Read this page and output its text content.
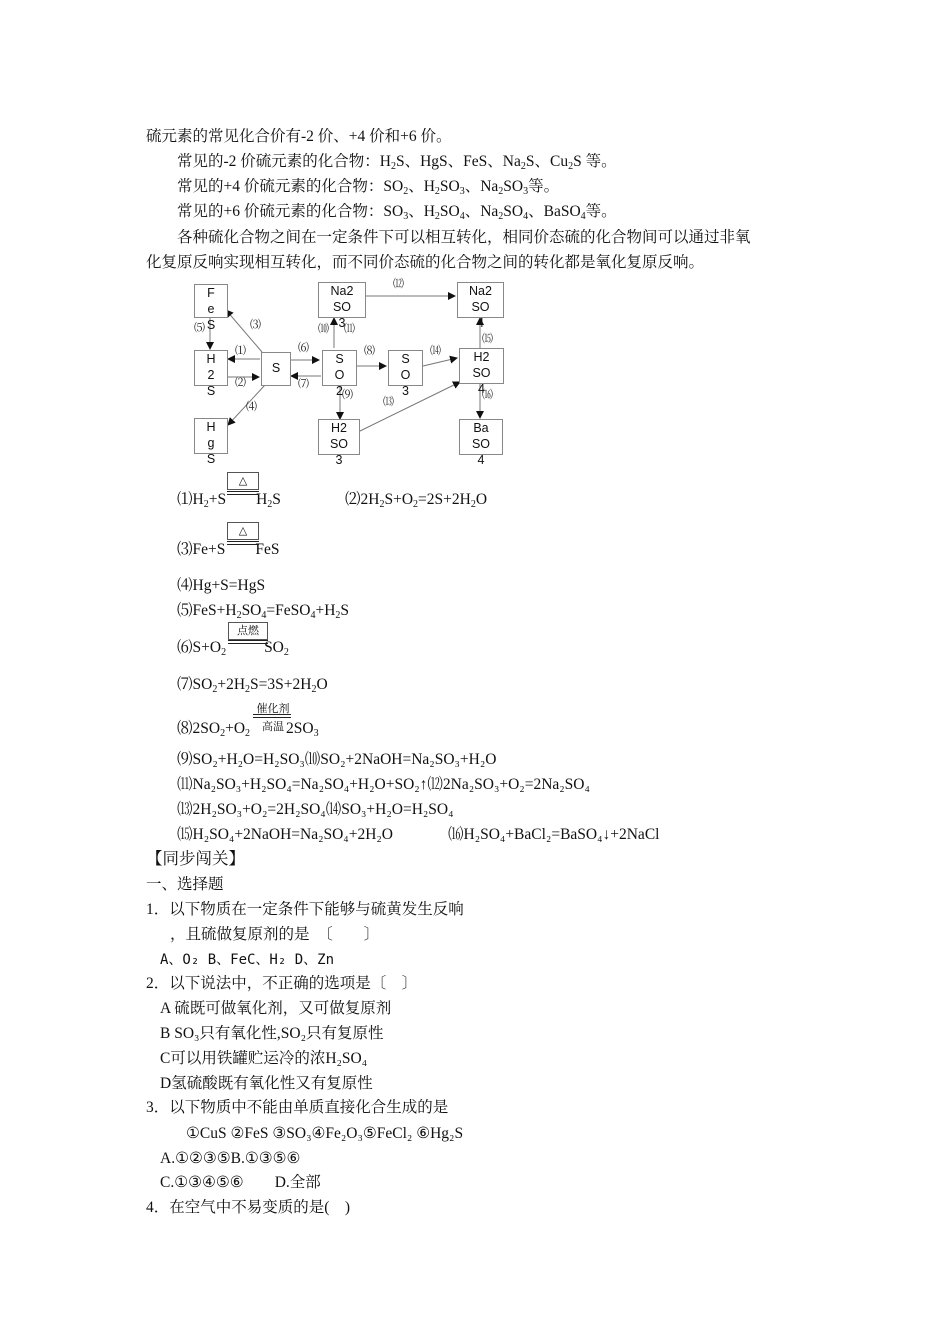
硫元素的常见化合价有-2 价、+4 价和+6 价。
常见的-2 价硫元素的化合物：$H_2S$、HgS、FeS、$Na_2S$、$Cu_2S$ 等。
常见的+4 价硫元素的化合物：$SO_2$、$H_2SO_3$、$Na_2SO_3$等。
常见的+6 价硫元素的化合物：$SO_3$、$H_2SO_4$、$Na_2SO_4$、BaSO$_4$等。
各种硫化合物之间在一定条件下可以相互转化，相同价态硫的化合物间可以通过非氧
化复原反响实现相互转化，而不同价态硫的化合物之间的转化都是氧化复原反响。
F
e
S
H
2
S
H
g
S
S
S
O
2
S
O
3
Na2
SO
3
Na2
SO
4
H2
SO
4
H2
SO
3
Ba
SO
4
⑴
⑵
⑶
⑷
⑸
⑹
⑺
⑻
⑼
⑽ ⑾
⑿
⒀
⒁
⒂
⒃
$⑴H_2+S$ $H_2S$
△
$⑵2H_2S+O_2=2S+2H_2O$
⑶Fe+S FeS
△
⑷Hg+S=HgS
$⑸FeS+H_2SO_4=FeSO_4+H_2S$
$⑹S+O_2$ $SO_2$
点燃
$⑺SO_2+2H_2S=3S+2H_2O$
催化剂
高温
$⑻2SO_2+O_2$ $2SO_3$
⑼SO₂+H₂O=H₂SO₃⑽SO₂+2NaOH=Na₂SO₃+H₂O
⑾Na₂SO₃+H₂SO₄=Na₂SO₄+H₂O+SO₂↑⑿2Na₂SO₃+O₂=2Na₂SO₄
⒀2H₂SO₃+O₂=2H₂SO₄⒁SO₃+H₂O=H₂SO₄
⒂H₂SO₄+2NaOH=Na₂SO₄+2H₂O	⒃H₂SO₄+BaCl₂=BaSO₄↓+2NaCl
【同步闯关】
一、选择题
1．以下物质在一定条件下能够与硫黄发生反响
，且硫做复原剂的是　〔　　〕
A、O₂ B、FeC、H₂ D、Zn
2．以下说法中，不正确的选项是〔　〕
A 硫既可做氧化剂，又可做复原剂
B SO₃只有氧化性,SO₂只有复原性
C可以用铁罐贮运冷的浓H₂SO₄
D氢硫酸既有氧化性又有复原性
3．以下物质中不能由单质直接化合生成的是
①CuS ②FeS ③SO₃④Fe₂O₃⑤FeCl₂ ⑥Hg₂S
A.①②③⑤B.①③⑤⑥
C.①③④⑤⑥　　D.全部
4．在空气中不易变质的是(　)
